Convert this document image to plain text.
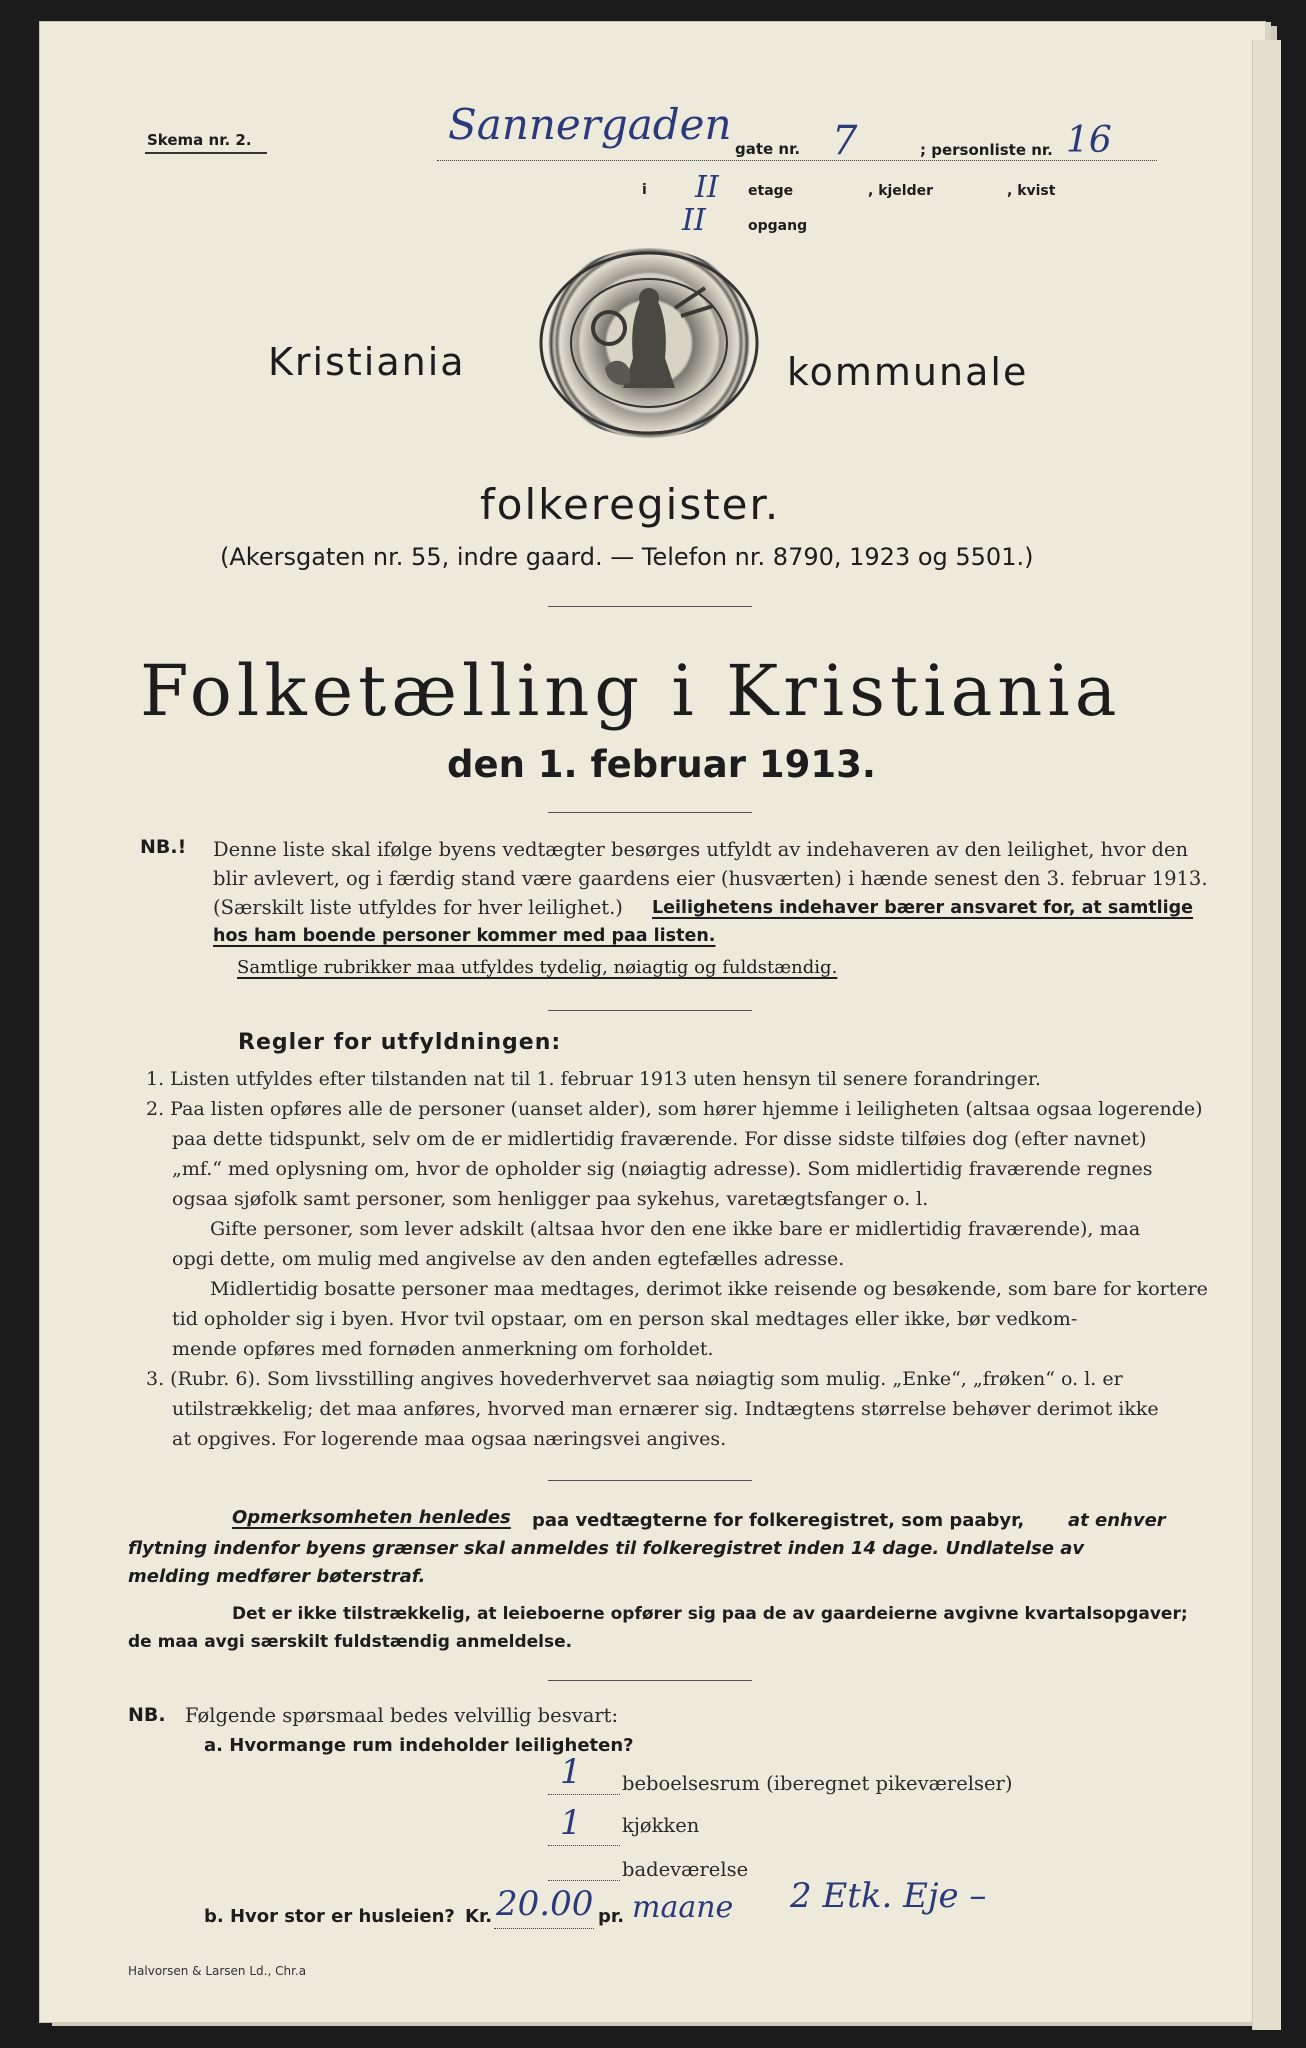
Skema nr. 2.	Sannergaden gate nr. 7	; personliste nr. 16
i II etage	, kjelder	, kvist
II	opgang
Kristiania	kommunale
folkeregister.
(Akersgaten nr. 55, indre gaard. — Telefon nr. 8790, 1923 og 5501.)
Folketælling i Kristiania
den 1. februar 1913.
NB.! Denne liste skal ifølge byens vedtægter besørges utfyldt av indehaveren av den leilighet, hvor den
blir avlevert, og i færdig stand være gaardens eier (husværten) i hænde senest den 3. februar 1913.
(Særskilt liste utfyldes for hver leilighet.) Leilighetens indehaver bærer ansvaret for, at samtlige
hos ham boende personer kommer med paa listen.
Samtlige rubrikker maa utfyldes tydelig, nøiagtig og fuldstændig.
Regler for utfyldningen:
1. Listen utfyldes efter tilstanden nat til 1. februar 1913 uten hensyn til senere forandringer.
2. Paa listen opføres alle de personer (uanset alder), som hører hjemme i leiligheten (altsaa ogsaa logerende)
paa dette tidspunkt, selv om de er midlertidig fraværende. For disse sidste tilføies dog (efter navnet)
„mf.“ med oplysning om, hvor de opholder sig (nøiagtig adresse). Som midlertidig fraværende regnes
ogsaa sjøfolk samt personer, som henligger paa sykehus, varetægtsfanger o. l.
Gifte personer, som lever adskilt (altsaa hvor den ene ikke bare er midlertidig fraværende), maa
opgi dette, om mulig med angivelse av den anden egtefælles adresse.
Midlertidig bosatte personer maa medtages, derimot ikke reisende og besøkende, som bare for kortere
tid opholder sig i byen. Hvor tvil opstaar, om en person skal medtages eller ikke, bør vedkom-
mende opføres med fornøden anmerkning om forholdet.
3. (Rubr. 6). Som livsstilling angives hovederhvervet saa nøiagtig som mulig. „Enke“, „frøken“ o. l. er
utilstrækkelig; det maa anføres, hvorved man ernærer sig. Indtægtens størrelse behøver derimot ikke
at opgives. For logerende maa ogsaa næringsvei angives.
Opmerksomheten henledes paa vedtægterne for folkeregistret, som paabyr, at enhver
flytning indenfor byens grænser skal anmeldes til folkeregistret inden 14 dage. Undlatelse av
melding medfører bøterstraf.
Det er ikke tilstrækkelig, at leieboerne opfører sig paa de av gaardeierne avgivne kvartalsopgaver;
de maa avgi særskilt fuldstændig anmeldelse.
NB. Følgende spørsmaal bedes velvillig besvart:
a. Hvormange rum indeholder leiligheten?
1 beboelsesrum (iberegnet pikeværelser)
1 kjøkken
badeværelse
b. Hvor stor er husleien? Kr. 20.00 pr. maane 2 Etk. Eje –
Halvorsen & Larsen Ld., Chr.a
